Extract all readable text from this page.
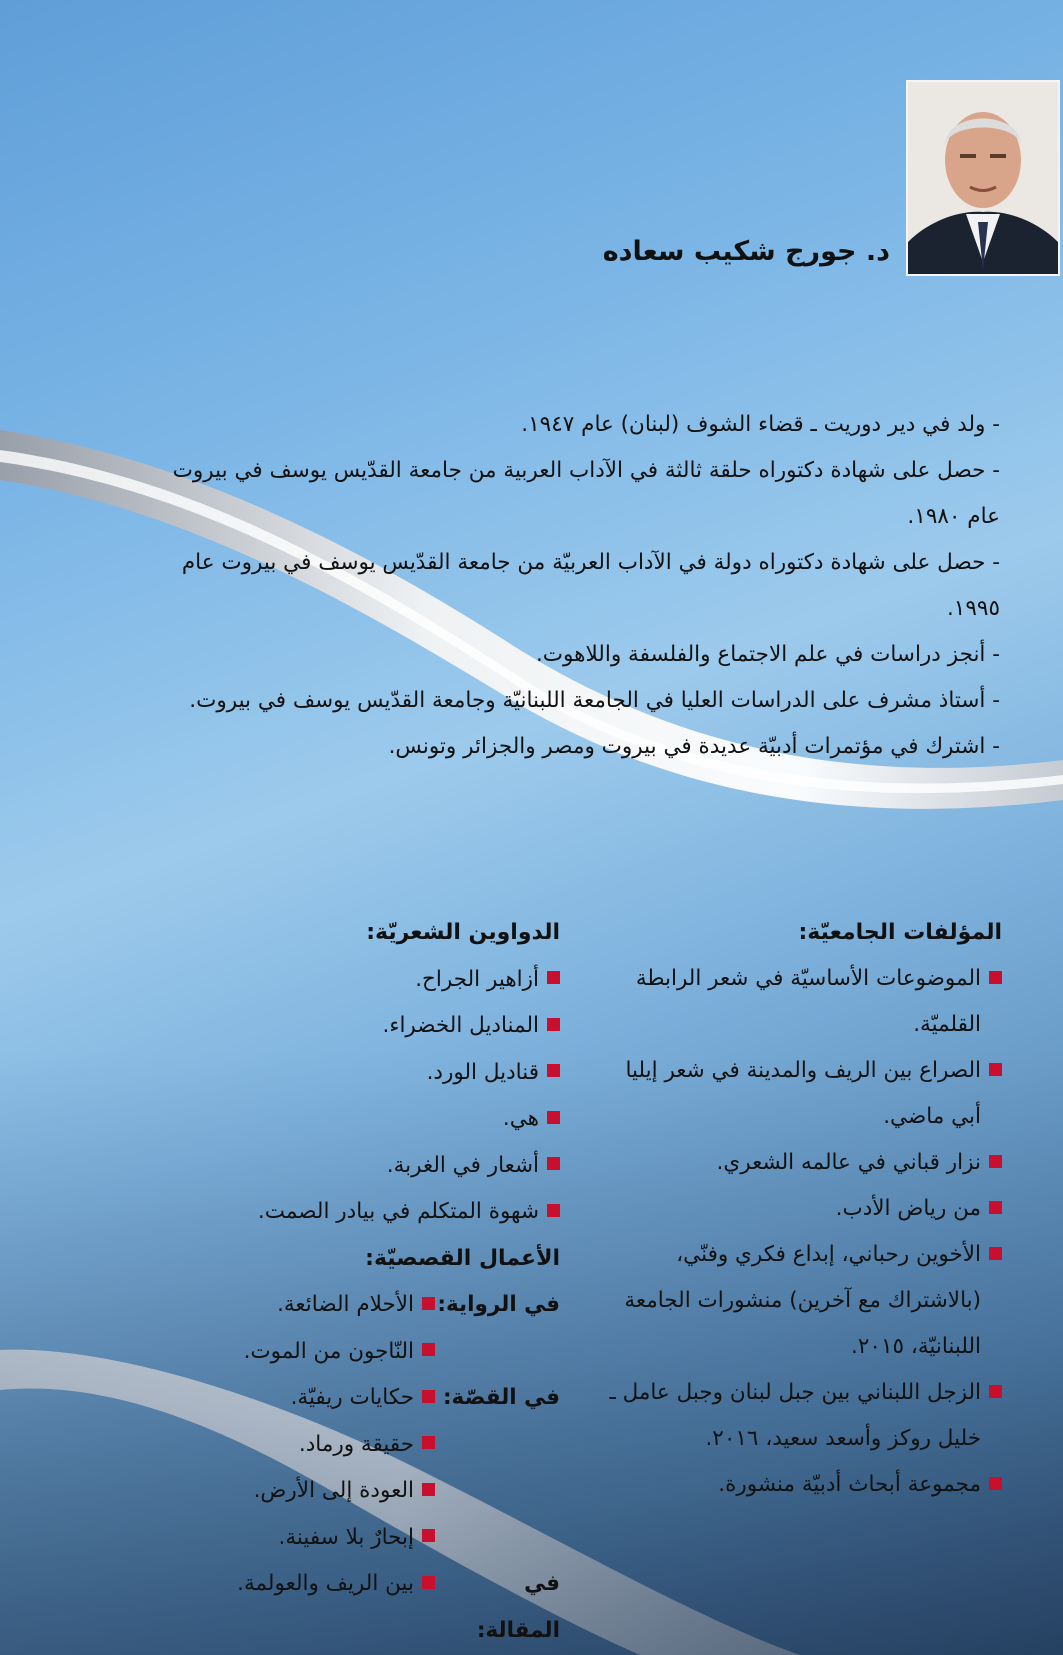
د. جورج شكيب سعاده

- ولد في دير دوريت ـ قضاء الشوف (لبنان) عام ١٩٤٧.

- حصل على شهادة دكتوراه حلقة ثالثة في الآداب العربية من جامعة القدّيس يوسف في بيروت عام ١٩٨٠.

- حصل على شهادة دكتوراه دولة في الآداب العربيّة من جامعة القدّيس يوسف في بيروت عام ١٩٩٥.

- أنجز دراسات في علم الاجتماع والفلسفة واللاهوت.

- أستاذ مشرف على الدراسات العليا في الجامعة اللبنانيّة وجامعة القدّيس يوسف في بيروت.

- اشترك في مؤتمرات أدبيّة عديدة في بيروت ومصر والجزائر وتونس.

المؤلفات الجامعيّة:
الموضوعات الأساسيّة في شعر الرابطة القلميّة.
الصراع بين الريف والمدينة في شعر إيليا أبي ماضي.
نزار قباني في عالمه الشعري.
من رياض الأدب.
الأخوين رحباني، إبداع فكري وفنّي، (بالاشتراك مع آخرين) منشورات الجامعة اللبنانيّة، ٢٠١٥.
الزجل اللبناني بين جبل لبنان وجبل عامل ـ خليل روكز وأسعد سعيد، ٢٠١٦.
مجموعة أبحاث أدبيّة منشورة.
الدواوين الشعريّة:
أزاهير الجراح.
المناديل الخضراء.
قناديل الورد.
هي.
أشعار في الغربة.
شهوة المتكلم في بيادر الصمت.
الأعمال القصصيّة:
في الرواية:
الأحلام الضائعة.
النّاجون من الموت.
في القصّة:
حكايات ريفيّة.
حقيقة ورماد.
العودة إلى الأرض.
إبحارٌ بلا سفينة.
في المقالة:
بين الريف والعولمة.
